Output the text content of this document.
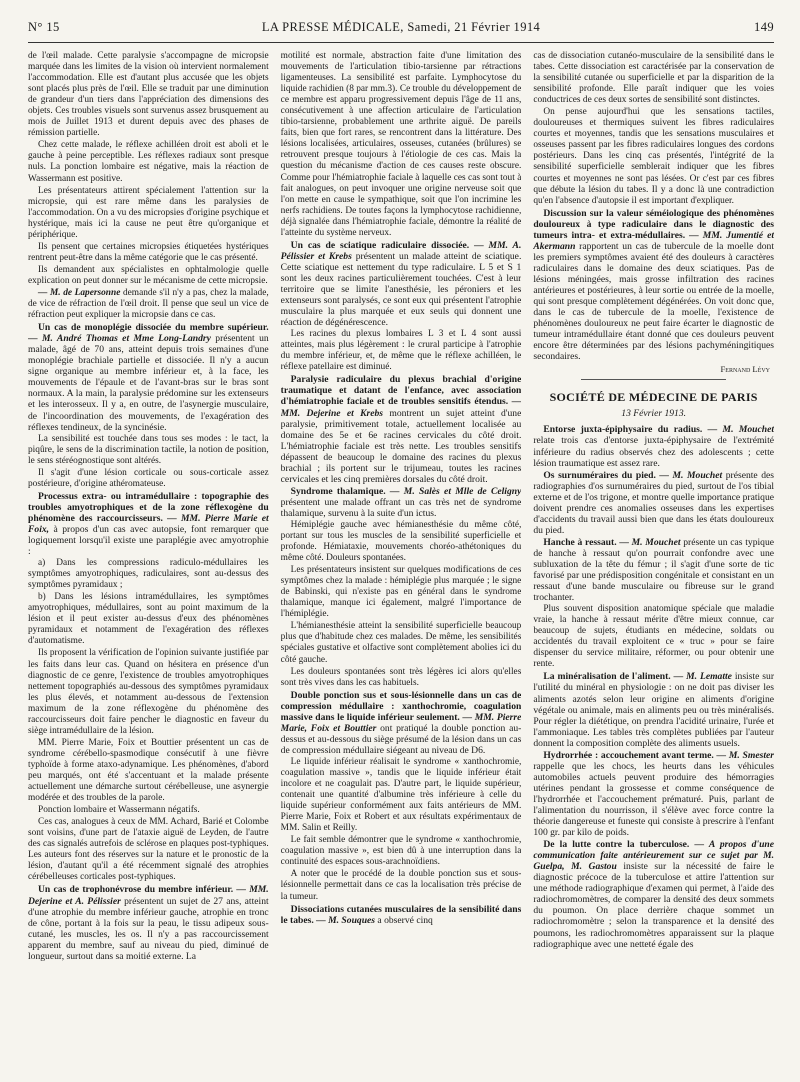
N° 15	LA PRESSE MÉDICALE, Samedi, 21 Février 1914	149

de l'œil malade. Cette paralysie s'accompagne de micropsie marquée dans les limites de la vision où intervient normalement l'accommodation. Elle est d'autant plus accusée que les objets sont placés plus près de l'œil. Elle se traduit par une diminution de grandeur d'un tiers dans l'appréciation des dimensions des objets. Ces troubles visuels sont survenus assez brusquement au mois de Juillet 1913 et durent depuis avec des phases de rémission partielle.

Chez cette malade, le réflexe achilléen droit est aboli et le gauche à peine perceptible. Les réflexes radiaux sont presque nuls. La ponction lombaire est négative, mais la réaction de Wassermann est positive.

Les présentateurs attirent spécialement l'attention sur la micropsie, qui est rare même dans les paralysies de l'accommodation. On a vu des micropsies d'origine psychique et hystérique, mais ici la cause ne peut être qu'organique et périphérique.

Ils pensent que certaines micropsies étiquetées hystériques rentrent peut-être dans la même catégorie que le cas présenté.

Ils demandent aux spécialistes en ophtalmologie quelle explication on peut donner sur le mécanisme de cette micropsie.

— M. de Lapersonne demande s'il n'y a pas, chez la malade, de vice de réfraction de l'œil droit. Il pense que seul un vice de réfraction peut expliquer la micropsie dans ce cas.

Un cas de monoplégie dissociée du membre supérieur. — M. André Thomas et Mme Long-Landry présentent un malade, âgé de 70 ans, atteint depuis trois semaines d'une monoplégie brachiale partielle et dissociée. Il n'y a aucun signe organique au membre inférieur et, à la face, les mouvements de l'épaule et de l'avant-bras sur le bras sont normaux. A la main, la paralysie prédomine sur les extenseurs et les interosseux. Il y a, en outre, de l'asynergie musculaire, de l'incoordination des mouvements, de l'exagération des réflexes tendineux, de la syncinésie.

La sensibilité est touchée dans tous ses modes : le tact, la piqûre, le sens de la discrimination tactile, la notion de position, le sens stéréognostique sont altérés.

Il s'agit d'une lésion corticale ou sous-corticale assez postérieure, d'origine athéromateuse.

Processus extra- ou intramédullaire : topographie des troubles amyotrophiques et de la zone réflexogène du phénomène des raccourcisseurs. — MM. Pierre Marie et Foix, à propos d'un cas avec autopsie, font remarquer que logiquement lorsqu'il existe une paraplégie avec amyotrophie :

a) Dans les compressions radiculo-médullaires les symptômes amyotrophiques, radiculaires, sont au-dessus des symptômes pyramidaux ;

b) Dans les lésions intramédullaires, les symptômes amyotrophiques, médullaires, sont au point maximum de la lésion et il peut exister au-dessus d'eux des phénomènes pyramidaux et notamment de l'exagération des réflexes d'automatisme.

Ils proposent la vérification de l'opinion suivante justifiée par les faits dans leur cas. Quand on hésitera en présence d'un diagnostic de ce genre, l'existence de troubles amyotrophiques nettement topographiés au-dessous des symptômes pyramidaux les plus élevés, et notamment au-dessous de l'extension maximum de la zone réflexogène du phénomène des raccourcisseurs doit faire pencher le diagnostic en faveur du siège intramédullaire de la lésion.

MM. Pierre Marie, Foix et Bouttier présentent un cas de syndrome cérébello-spasmodique consécutif à une fièvre typhoïde à forme ataxo-adynamique. Les phénomènes, d'abord peu marqués, ont été s'accentuant et la malade présente actuellement une démarche surtout cérébelleuse, une asynergie modérée et des troubles de la parole.

Ponction lombaire et Wassermann négatifs.

Ces cas, analogues à ceux de MM. Achard, Barié et Colombe sont voisins, d'une part de l'ataxie aiguë de Leyden, de l'autre des cas signalés autrefois de sclérose en plaques post-typhiques. Les auteurs font des réserves sur la nature et le pronostic de la lésion, d'autant qu'il a été récemment signalé des atrophies cérébelleuses corticales post-typhiques.

Un cas de trophonévrose du membre inférieur. — MM. Dejerine et A. Pélissier présentent un sujet de 27 ans, atteint d'une atrophie du membre inférieur gauche, atrophie en tronc de cône, portant à la fois sur la peau, le tissu adipeux sous-cutané, les muscles, les os. Il n'y a pas raccourcissement apparent du membre, sauf au niveau du pied, diminué de longueur, surtout dans sa moitié externe. La

motilité est normale, abstraction faite d'une limitation des mouvements de l'articulation tibio-tarsienne par rétractions ligamenteuses. La sensibilité est parfaite. Lymphocytose du liquide rachidien (8 par mm.3). Ce trouble du développement de ce membre est apparu progressivement depuis l'âge de 11 ans, consécutivement à une affection articulaire de l'articulation tibio-tarsienne, probablement une arthrite aiguë. De pareils faits, bien que fort rares, se rencontrent dans la littérature. Des lésions localisées, articulaires, osseuses, cutanées (brûlures) se retrouvent presque toujours à l'étiologie de ces cas. Mais la question du mécanisme d'action de ces causes reste obscure. Comme pour l'hémiatrophie faciale à laquelle ces cas sont tout à fait analogues, on peut invoquer une origine nerveuse soit que l'on mette en cause le sympathique, soit que l'on incrimine les nerfs rachidiens. De toutes façons la lymphocytose rachidienne, déjà signalée dans l'hémiatrophie faciale, démontre la réalité de l'atteinte du système nerveux.

Un cas de sciatique radiculaire dissociée. — MM. A. Pélissier et Krebs présentent un malade atteint de sciatique. Cette sciatique est nettement du type radiculaire. L 5 et S 1 sont les deux racines particulièrement touchées. C'est à leur territoire que se limite l'anesthésie, les péroniers et les extenseurs sont paralysés, ce sont eux qui présentent l'atrophie musculaire la plus marquée et eux seuls qui donnent une réaction de dégénérescence.

Les racines du plexus lombaires L 3 et L 4 sont aussi atteintes, mais plus légèrement : le crural participe à l'atrophie du membre inférieur, et, de même que le réflexe achilléen, le réflexe patellaire est diminué.

Paralysie radiculaire du plexus brachial d'origine traumatique et datant de l'enfance, avec association d'hémiatrophie faciale et de troubles sensitifs étendus. — MM. Dejerine et Krebs montrent un sujet atteint d'une paralysie, primitivement totale, actuellement localisée au domaine des 5e et 6e racines cervicales du côté droit. L'hémiatrophie faciale est très nette. Les troubles sensitifs dépassent de beaucoup le domaine des racines du plexus brachial ; ils portent sur le trijumeau, toutes les racines cervicales et les cinq premières dorsales du côté droit.

Syndrome thalamique. — M. Salès et Mlle de Celigny présentent une malade offrant un cas très net de syndrome thalamique, survenu à la suite d'un ictus.

Hémiplégie gauche avec hémianesthésie du même côté, portant sur tous les muscles de la sensibilité superficielle et profonde. Hémiataxie, mouvements choréo-athétoniques du même côté. Douleurs spontanées.

Les présentateurs insistent sur quelques modifications de ces symptômes chez la malade : hémiplégie plus marquée ; le signe de Babinski, qui n'existe pas en général dans le syndrome thalamique, manque ici également, malgré l'importance de l'hémiplégie.

L'hémianesthésie atteint la sensibilité superficielle beaucoup plus que d'habitude chez ces malades. De même, les sensibilités spéciales gustative et olfactive sont complètement abolies ici du côté gauche.

Les douleurs spontanées sont très légères ici alors qu'elles sont très vives dans les cas habituels.

Double ponction sus et sous-lésionnelle dans un cas de compression médullaire : xanthochromie, coagulation massive dans le liquide inférieur seulement. — MM. Pierre Marie, Foix et Bouttier ont pratiqué la double ponction au-dessus et au-dessous du siège présumé de la lésion dans un cas de compression médullaire siégeant au niveau de D6.

Le liquide inférieur réalisait le syndrome « xanthochromie, coagulation massive », tandis que le liquide inférieur était incolore et ne coagulait pas. D'autre part, le liquide supérieur, contenait une quantité d'albumine très inférieure à celle du liquide supérieur conformément aux faits antérieurs de MM. Pierre Marie, Foix et Robert et aux résultats expérimentaux de MM. Salin et Reilly.

Le fait semble démontrer que le syndrome « xanthochromie, coagulation massive », est bien dû à une interruption dans la continuité des espaces sous-arachnoïdiens.

A noter que le procédé de la double ponction sus et sous-lésionnelle permettait dans ce cas la localisation très précise de la tumeur.

Dissociations cutanées musculaires de la sensibilité dans le tabes. — M. Souques a observé cinq

cas de dissociation cutanéo-musculaire de la sensibilité dans le tabes. Cette dissociation est caractérisée par la conservation de la sensibilité cutanée ou superficielle et par la disparition de la sensibilité profonde. Elle paraît indiquer que les voies conductrices de ces deux sortes de sensibilité sont distinctes.

On pense aujourd'hui que les sensations tactiles, douloureuses et thermiques suivent les fibres radiculaires courtes et moyennes, tandis que les sensations musculaires et osseuses passent par les fibres radiculaires longues des cordons postérieurs. Dans les cinq cas présentés, l'intégrité de la sensibilité superficielle semblerait indiquer que les fibres courtes et moyennes ne sont pas lésées. Or c'est par ces fibres que débute la lésion du tabes. Il y a donc là une contradiction qu'en l'absence d'autopsie il est important d'expliquer.

Discussion sur la valeur séméiologique des phénomènes douloureux à type radiculaire dans le diagnostic des tumeurs intra- et extra-médullaires. — MM. Jumentié et Akermann rapportent un cas de tubercule de la moelle dont les premiers symptômes avaient été des douleurs à caractères radiculaires dans le domaine des deux sciatiques. Pas de lésions méningées, mais grosse infiltration des racines antérieures et postérieures, à leur sortie ou entrée de la moelle, qui sont presque complètement dégénérées. On voit donc que, dans le cas de tubercule de la moelle, l'existence de phénomènes douloureux ne peut faire écarter le diagnostic de tumeur intramédullaire étant donné que ces douleurs peuvent encore être déterminées par des lésions pachyméningitiques secondaires.

Fernand Lévy
SOCIÉTÉ DE MÉDECINE DE PARIS
13 Février 1913.

Entorse juxta-épiphysaire du radius. — M. Mouchet relate trois cas d'entorse juxta-épiphysaire de l'extrémité inférieure du radius observés chez des adolescents ; cette lésion traumatique est assez rare.

Os surnuméraires du pied. — M. Mouchet présente des radiographies d'os surnuméraires du pied, surtout de l'os tibial externe et de l'os trigone, et montre quelle importance pratique doivent prendre ces anomalies osseuses dans les expertises d'accidents du travail aussi bien que dans les états douloureux du pied.

Hanche à ressaut. — M. Mouchet présente un cas typique de hanche à ressaut qu'on pourrait confondre avec une subluxation de la tête du fémur ; il s'agit d'une sorte de tic favorisé par une prédisposition congénitale et consistant en un ressaut d'une bande musculaire ou fibreuse sur le grand trochanter.

Plus souvent disposition anatomique spéciale que maladie vraie, la hanche à ressaut mérite d'être mieux connue, car beaucoup de sujets, étudiants en médecine, soldats ou accidentés du travail exploitent ce « truc » pour se faire dispenser du service militaire, réformer, ou pour obtenir une rente.

La minéralisation de l'aliment. — M. Lematte insiste sur l'utilité du minéral en physiologie : on ne doit pas diviser les aliments azotés selon leur origine en aliments d'origine végétale ou animale, mais en aliments peu ou très minéralisés. Pour régler la diététique, on prendra l'acidité urinaire, l'urée et l'ammoniaque. Les tables très complètes publiées par l'auteur donnent la composition complète des aliments usuels.

Hydrorrhée : accouchement avant terme. — M. Smester rappelle que les chocs, les heurts dans les véhicules automobiles actuels peuvent produire des hémorragies utérines pendant la grossesse et comme conséquence de l'hydrorrhée et l'accouchement prématuré. Puis, parlant de l'alimentation du nourrisson, il s'élève avec force contre la théorie dangereuse et funeste qui consiste à prescrire à l'enfant 100 gr. par kilo de poids.

De la lutte contre la tuberculose. — A propos d'une communication faite antérieurement sur ce sujet par M. Guelpa, M. Gastou insiste sur la nécessité de faire le diagnostic précoce de la tuberculose et attire l'attention sur une méthode radiographique d'examen qui permet, à l'aide des radiochromomètres, de comparer la densité des deux sommets du poumon. On place derrière chaque sommet un radiochromomètre ; selon la transparence et la densité des poumons, les radiochromomètres apparaissent sur la plaque radiographique avec une netteté égale des
